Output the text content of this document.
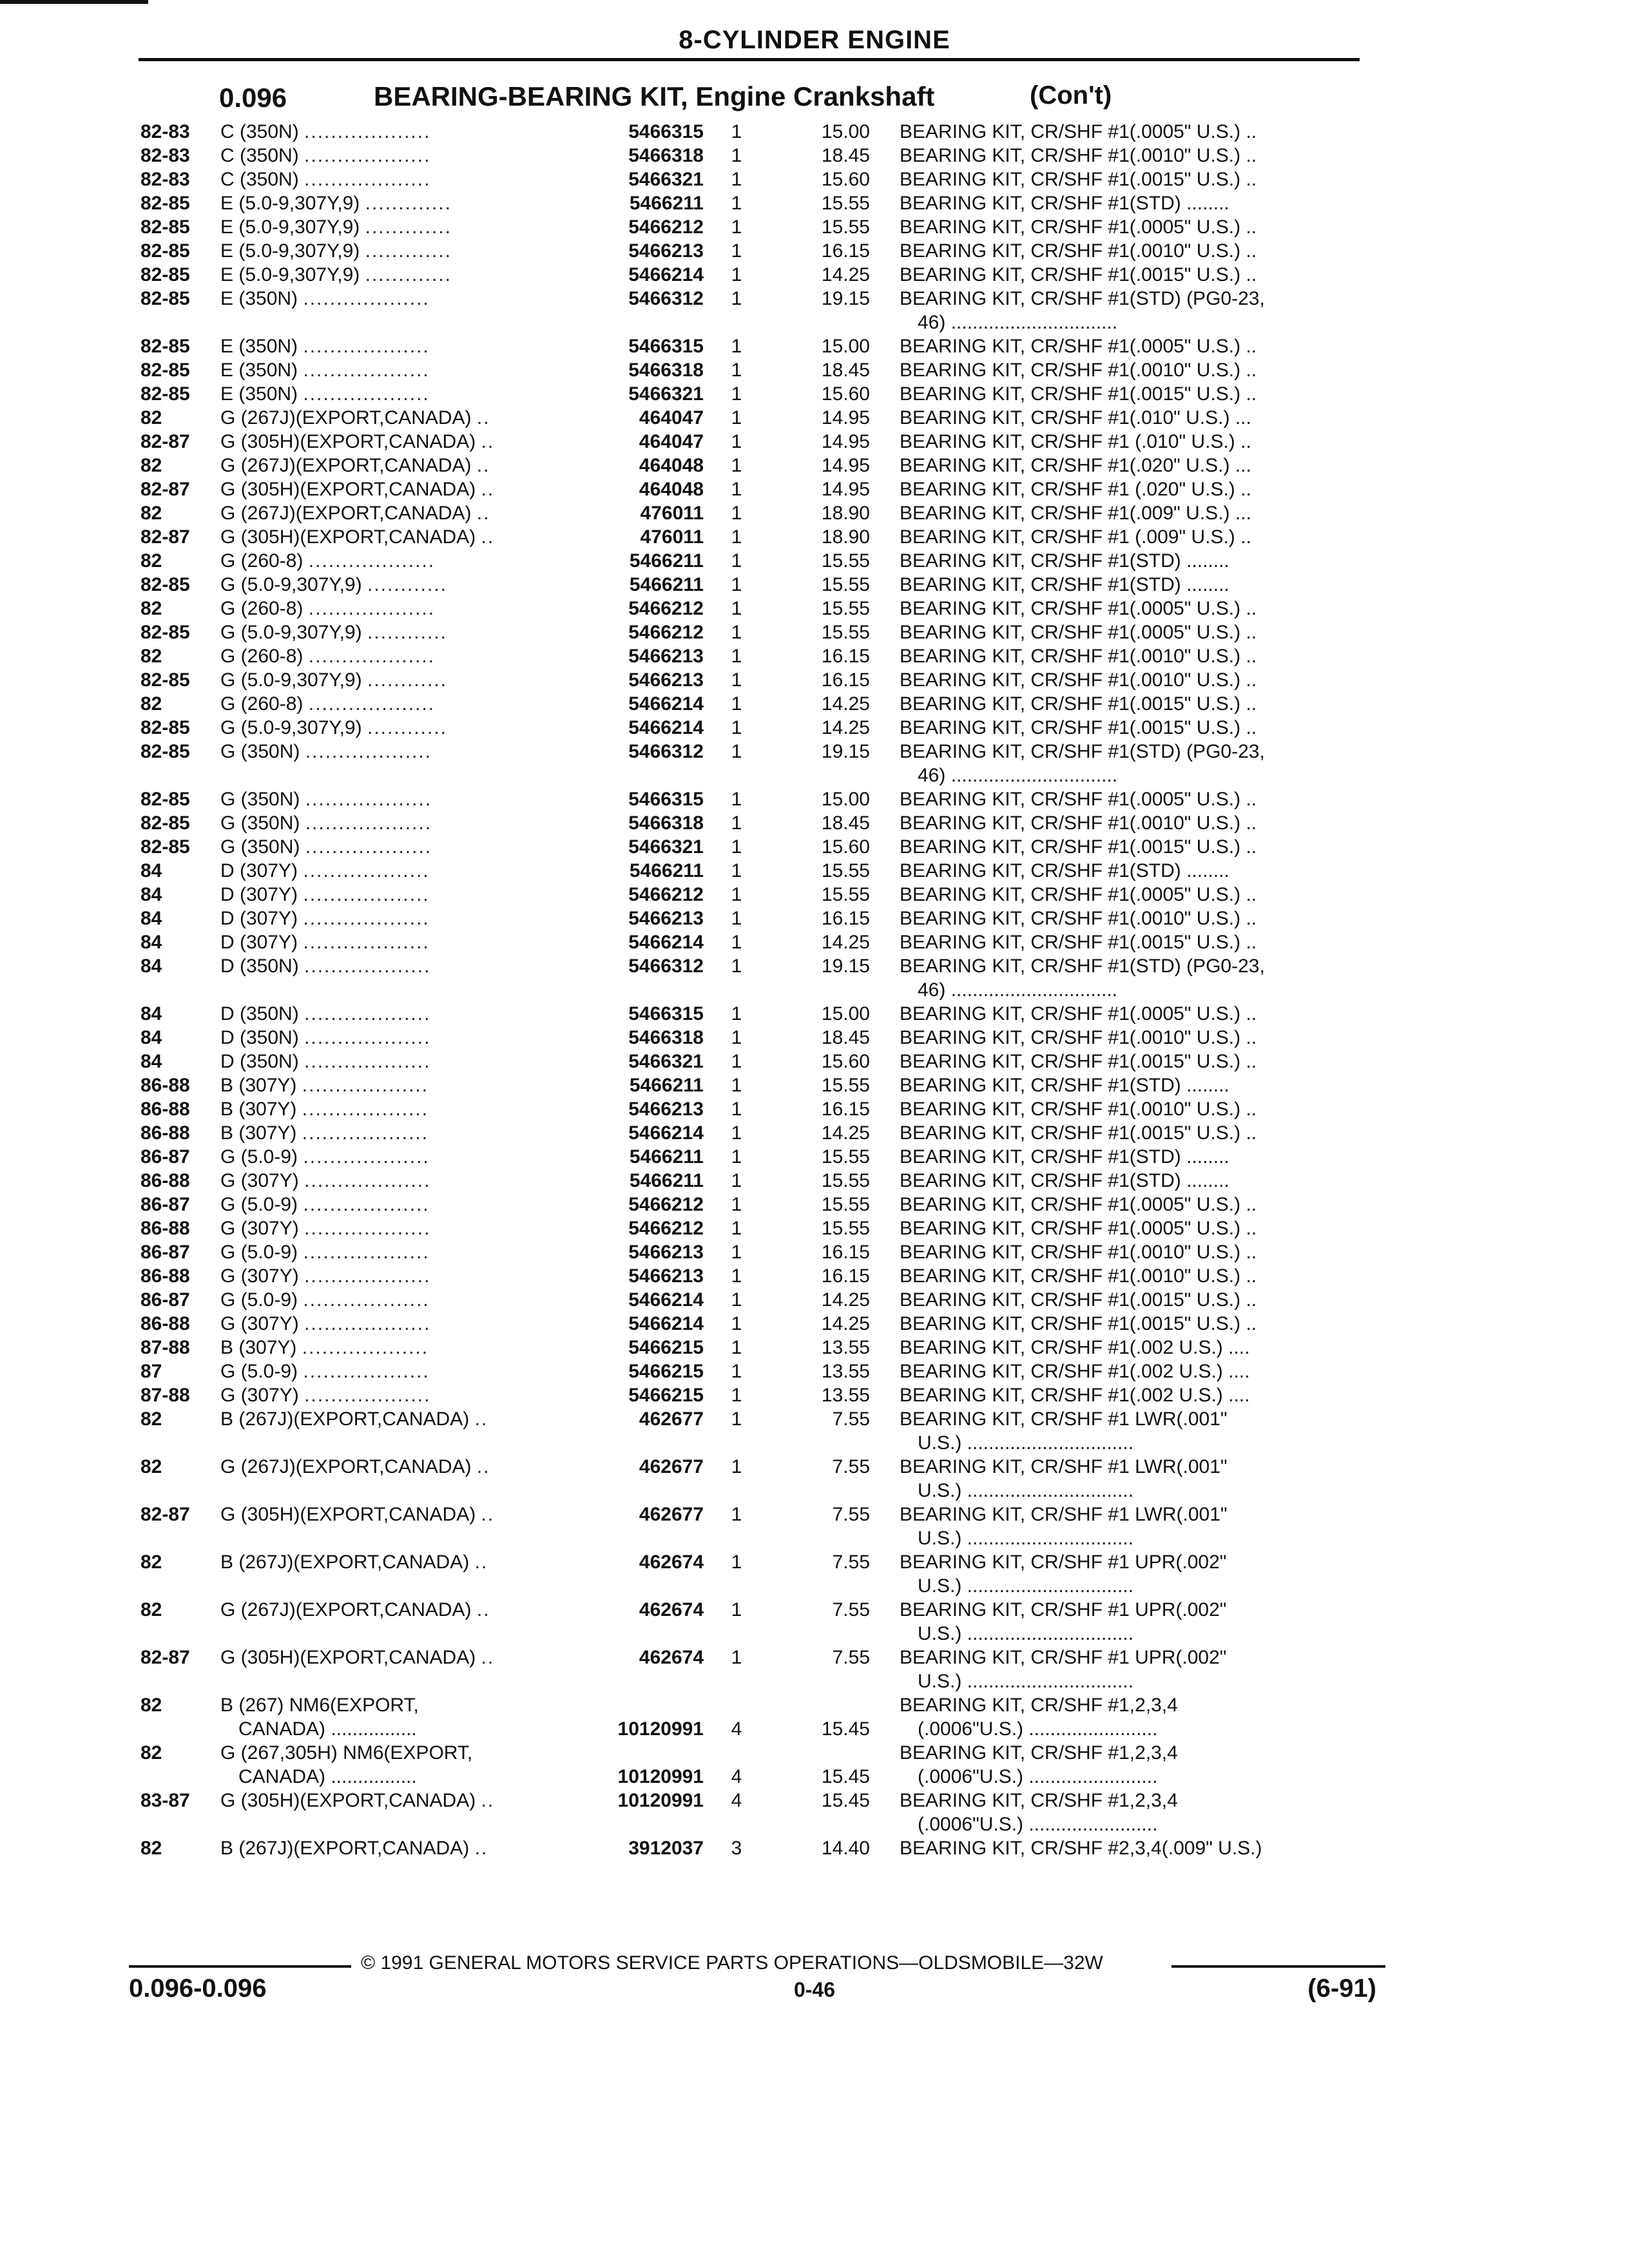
8-CYLINDER ENGINE
0.096	BEARING-BEARING KIT, Engine Crankshaft	(Con't)
82-83 C (350N) ...................	5466315 1	15.00 BEARING KIT, CR/SHF #1(.0005" U.S.) ..
82-83 C (350N) ...................	5466318 1	18.45 BEARING KIT, CR/SHF #1(.0010" U.S.) ..
82-83 C (350N) ...................	5466321 1	15.60 BEARING KIT, CR/SHF #1(.0015" U.S.) ..
82-85 E (5.0-9,307Y,9) .............	5466211 1	15.55 BEARING KIT, CR/SHF #1(STD) ........
82-85 E (5.0-9,307Y,9) .............	5466212 1	15.55 BEARING KIT, CR/SHF #1(.0005" U.S.) ..
82-85 E (5.0-9,307Y,9) .............	5466213 1	16.15 BEARING KIT, CR/SHF #1(.0010" U.S.) ..
82-85 E (5.0-9,307Y,9) .............	5466214 1	14.25 BEARING KIT, CR/SHF #1(.0015" U.S.) ..
82-85 E (350N) ...................	5466312 1	19.15 BEARING KIT, CR/SHF #1(STD) (PG0-23,
46) ...............................
82-85 E (350N) ...................	5466315 1	15.00 BEARING KIT, CR/SHF #1(.0005" U.S.) ..
82-85 E (350N) ...................	5466318 1	18.45 BEARING KIT, CR/SHF #1(.0010" U.S.) ..
82-85 E (350N) ...................	5466321 1	15.60 BEARING KIT, CR/SHF #1(.0015" U.S.) ..
82	G (267J)(EXPORT,CANADA) ..	464047 1	14.95 BEARING KIT, CR/SHF #1(.010" U.S.) ...
82-87 G (305H)(EXPORT,CANADA) ..	464047 1	14.95 BEARING KIT, CR/SHF #1 (.010" U.S.) ..
82	G (267J)(EXPORT,CANADA) ..	464048 1	14.95 BEARING KIT, CR/SHF #1(.020" U.S.) ...
82-87 G (305H)(EXPORT,CANADA) ..	464048 1	14.95 BEARING KIT, CR/SHF #1 (.020" U.S.) ..
82	G (267J)(EXPORT,CANADA) ..	476011 1	18.90 BEARING KIT, CR/SHF #1(.009" U.S.) ...
82-87 G (305H)(EXPORT,CANADA) ..	476011 1	18.90 BEARING KIT, CR/SHF #1 (.009" U.S.) ..
82	G (260-8) ...................	5466211 1	15.55 BEARING KIT, CR/SHF #1(STD) ........
82-85 G (5.0-9,307Y,9) ............	5466211 1	15.55 BEARING KIT, CR/SHF #1(STD) ........
82	G (260-8) ...................	5466212 1	15.55 BEARING KIT, CR/SHF #1(.0005" U.S.) ..
82-85 G (5.0-9,307Y,9) ............	5466212 1	15.55 BEARING KIT, CR/SHF #1(.0005" U.S.) ..
82	G (260-8) ...................	5466213 1	16.15 BEARING KIT, CR/SHF #1(.0010" U.S.) ..
82-85 G (5.0-9,307Y,9) ............	5466213 1	16.15 BEARING KIT, CR/SHF #1(.0010" U.S.) ..
82	G (260-8) ...................	5466214 1	14.25 BEARING KIT, CR/SHF #1(.0015" U.S.) ..
82-85 G (5.0-9,307Y,9) ............	5466214 1	14.25 BEARING KIT, CR/SHF #1(.0015" U.S.) ..
82-85 G (350N) ...................	5466312 1	19.15 BEARING KIT, CR/SHF #1(STD) (PG0-23,
46) ...............................
82-85 G (350N) ...................	5466315 1	15.00 BEARING KIT, CR/SHF #1(.0005" U.S.) ..
82-85 G (350N) ...................	5466318 1	18.45 BEARING KIT, CR/SHF #1(.0010" U.S.) ..
82-85 G (350N) ...................	5466321 1	15.60 BEARING KIT, CR/SHF #1(.0015" U.S.) ..
84	D (307Y) ...................	5466211 1	15.55 BEARING KIT, CR/SHF #1(STD) ........
84	D (307Y) ...................	5466212 1	15.55 BEARING KIT, CR/SHF #1(.0005" U.S.) ..
84	D (307Y) ...................	5466213 1	16.15 BEARING KIT, CR/SHF #1(.0010" U.S.) ..
84	D (307Y) ...................	5466214 1	14.25 BEARING KIT, CR/SHF #1(.0015" U.S.) ..
84	D (350N) ...................	5466312 1	19.15 BEARING KIT, CR/SHF #1(STD) (PG0-23,
46) ...............................
84	D (350N) ...................	5466315 1	15.00 BEARING KIT, CR/SHF #1(.0005" U.S.) ..
84	D (350N) ...................	5466318 1	18.45 BEARING KIT, CR/SHF #1(.0010" U.S.) ..
84	D (350N) ...................	5466321 1	15.60 BEARING KIT, CR/SHF #1(.0015" U.S.) ..
86-88 B (307Y) ...................	5466211 1	15.55 BEARING KIT, CR/SHF #1(STD) ........
86-88 B (307Y) ...................	5466213 1	16.15 BEARING KIT, CR/SHF #1(.0010" U.S.) ..
86-88 B (307Y) ...................	5466214 1	14.25 BEARING KIT, CR/SHF #1(.0015" U.S.) ..
86-87 G (5.0-9) ...................	5466211 1	15.55 BEARING KIT, CR/SHF #1(STD) ........
86-88 G (307Y) ...................	5466211 1	15.55 BEARING KIT, CR/SHF #1(STD) ........
86-87 G (5.0-9) ...................	5466212 1	15.55 BEARING KIT, CR/SHF #1(.0005" U.S.) ..
86-88 G (307Y) ...................	5466212 1	15.55 BEARING KIT, CR/SHF #1(.0005" U.S.) ..
86-87 G (5.0-9) ...................	5466213 1	16.15 BEARING KIT, CR/SHF #1(.0010" U.S.) ..
86-88 G (307Y) ...................	5466213 1	16.15 BEARING KIT, CR/SHF #1(.0010" U.S.) ..
86-87 G (5.0-9) ...................	5466214 1	14.25 BEARING KIT, CR/SHF #1(.0015" U.S.) ..
86-88 G (307Y) ...................	5466214 1	14.25 BEARING KIT, CR/SHF #1(.0015" U.S.) ..
87-88 B (307Y) ...................	5466215 1	13.55 BEARING KIT, CR/SHF #1(.002 U.S.) ....
87	G (5.0-9) ...................	5466215 1	13.55 BEARING KIT, CR/SHF #1(.002 U.S.) ....
87-88 G (307Y) ...................	5466215 1	13.55 BEARING KIT, CR/SHF #1(.002 U.S.) ....
82	B (267J)(EXPORT,CANADA) ..	462677 1	7.55 BEARING KIT, CR/SHF #1 LWR(.001"
U.S.) ...............................
82	G (267J)(EXPORT,CANADA) ..	462677 1	7.55 BEARING KIT, CR/SHF #1 LWR(.001"
U.S.) ...............................
82-87 G (305H)(EXPORT,CANADA) ..	462677 1	7.55 BEARING KIT, CR/SHF #1 LWR(.001"
U.S.) ...............................
82	B (267J)(EXPORT,CANADA) ..	462674 1	7.55 BEARING KIT, CR/SHF #1 UPR(.002"
U.S.) ...............................
82	G (267J)(EXPORT,CANADA) ..	462674 1	7.55 BEARING KIT, CR/SHF #1 UPR(.002"
U.S.) ...............................
82-87 G (305H)(EXPORT,CANADA) ..	462674 1	7.55 BEARING KIT, CR/SHF #1 UPR(.002"
U.S.) ...............................
82	B (267) NM6(EXPORT,
CANADA) ................	10120991 4	15.45
BEARING KIT, CR/SHF #1,2,3,4
(.0006"U.S.) ........................
82	G (267,305H) NM6(EXPORT,
CANADA) ................	10120991 4	15.45
BEARING KIT, CR/SHF #1,2,3,4
(.0006"U.S.) ........................
83-87 G (305H)(EXPORT,CANADA) ..	10120991 4	15.45 BEARING KIT, CR/SHF #1,2,3,4
(.0006"U.S.) ........................
82	B (267J)(EXPORT,CANADA) ..	3912037 3	14.40 BEARING KIT, CR/SHF #2,3,4(.009" U.S.)
© 1991 GENERAL MOTORS SERVICE PARTS OPERATIONS—OLDSMOBILE—32W
0.096-0.096	0-46	(6-91)
